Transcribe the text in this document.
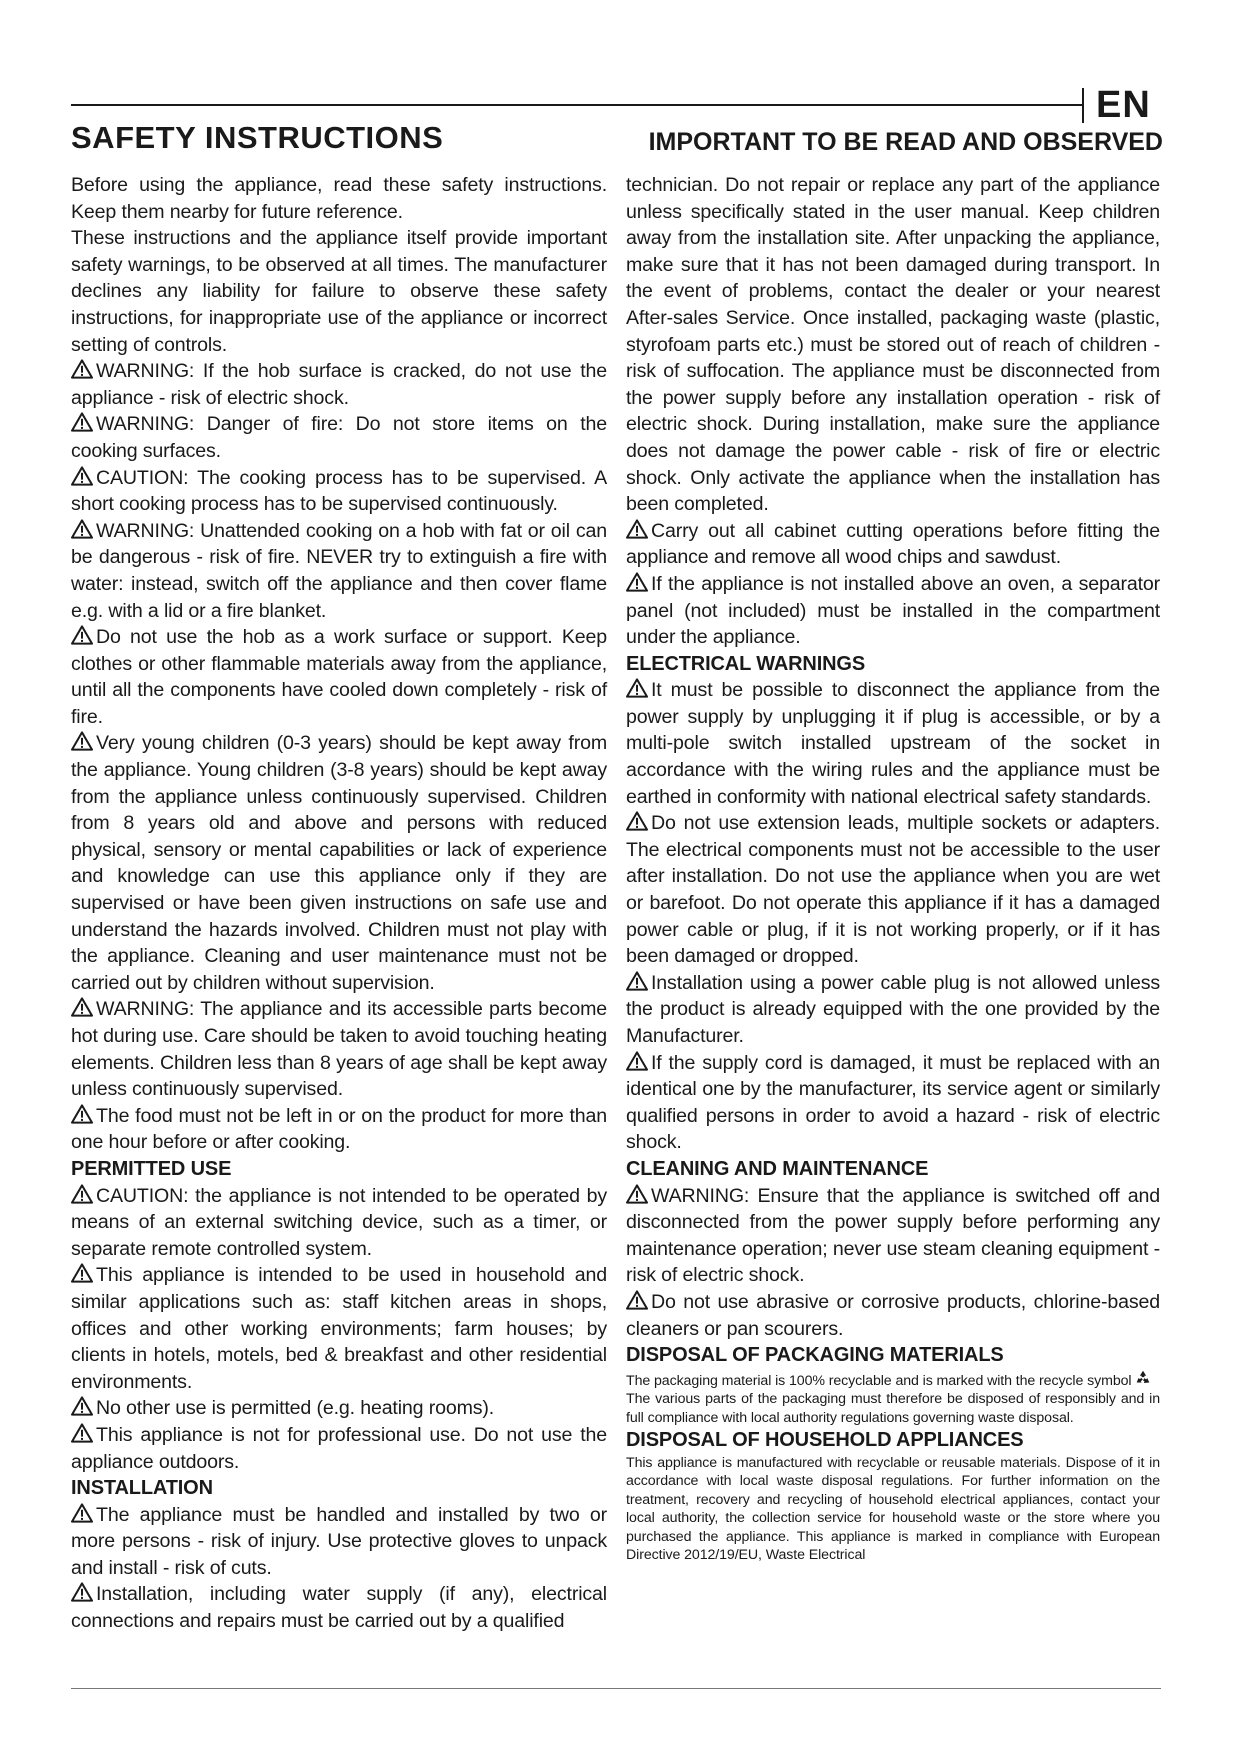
EN
SAFETY INSTRUCTIONS	IMPORTANT TO BE READ AND OBSERVED

Before using the appliance, read these safety instructions. Keep them nearby for future reference.

These instructions and the appliance itself provide important safety warnings, to be observed at all times. The manufacturer declines any liability for failure to observe these safety instructions, for inappropriate use of the appliance or incorrect setting of controls.

WARNING: If the hob surface is cracked, do not use the appliance - risk of electric shock.

WARNING: Danger of fire: Do not store items on the cooking surfaces.

CAUTION: The cooking process has to be supervised. A short cooking process has to be supervised continuously.

WARNING: Unattended cooking on a hob with fat or oil can be dangerous - risk of fire. NEVER try to extinguish a fire with water: instead, switch off the appliance and then cover flame e.g. with a lid or a fire blanket.

Do not use the hob as a work surface or support. Keep clothes or other flammable materials away from the appliance, until all the components have cooled down completely - risk of fire.

Very young children (0-3 years) should be kept away from the appliance. Young children (3-8 years) should be kept away from the appliance unless continuously supervised. Children from 8 years old and above and persons with reduced physical, sensory or mental capabilities or lack of experience and knowledge can use this appliance only if they are supervised or have been given instructions on safe use and understand the hazards involved. Children must not play with the appliance. Cleaning and user maintenance must not be carried out by children without supervision.

WARNING: The appliance and its accessible parts become hot during use. Care should be taken to avoid touching heating elements. Children less than 8 years of age shall be kept away unless continuously supervised.

The food must not be left in or on the product for more than one hour before or after cooking.

PERMITTED USE

CAUTION: the appliance is not intended to be operated by means of an external switching device, such as a timer, or separate remote controlled system.

This appliance is intended to be used in household and similar applications such as: staff kitchen areas in shops, offices and other working environments; farm houses; by clients in hotels, motels, bed & breakfast and other residential environments.

No other use is permitted (e.g. heating rooms).

This appliance is not for professional use. Do not use the appliance outdoors.

INSTALLATION

The appliance must be handled and installed by two or more persons - risk of injury. Use protective gloves to unpack and install - risk of cuts.

Installation, including water supply (if any), electrical connections and repairs must be carried out by a qualified

technician. Do not repair or replace any part of the appliance unless specifically stated in the user manual. Keep children away from the installation site. After unpacking the appliance, make sure that it has not been damaged during transport. In the event of problems, contact the dealer or your nearest After-sales Service. Once installed, packaging waste (plastic, styrofoam parts etc.) must be stored out of reach of children - risk of suffocation. The appliance must be disconnected from the power supply before any installation operation - risk of electric shock. During installation, make sure the appliance does not damage the power cable - risk of fire or electric shock. Only activate the appliance when the installation has been completed.

Carry out all cabinet cutting operations before fitting the appliance and remove all wood chips and sawdust.

If the appliance is not installed above an oven, a separator panel (not included) must be installed in the compartment under the appliance.

ELECTRICAL WARNINGS

It must be possible to disconnect the appliance from the power supply by unplugging it if plug is accessible, or by a multi-pole switch installed upstream of the socket in accordance with the wiring rules and the appliance must be earthed in conformity with national electrical safety standards.

Do not use extension leads, multiple sockets or adapters. The electrical components must not be accessible to the user after installation. Do not use the appliance when you are wet or barefoot. Do not operate this appliance if it has a damaged power cable or plug, if it is not working properly, or if it has been damaged or dropped.

Installation using a power cable plug is not allowed unless the product is already equipped with the one provided by the Manufacturer.

If the supply cord is damaged, it must be replaced with an identical one by the manufacturer, its service agent or similarly qualified persons in order to avoid a hazard - risk of electric shock.

CLEANING AND MAINTENANCE

WARNING: Ensure that the appliance is switched off and disconnected from the power supply before performing any maintenance operation; never use steam cleaning equipment - risk of electric shock.

Do not use abrasive or corrosive products, chlorine-based cleaners or pan scourers.

DISPOSAL OF PACKAGING MATERIALS

The packaging material is 100% recyclable and is marked with the recycle symbol

The various parts of the packaging must therefore be disposed of responsibly and in full compliance with local authority regulations governing waste disposal.

DISPOSAL OF HOUSEHOLD APPLIANCES

This appliance is manufactured with recyclable or reusable materials. Dispose of it in accordance with local waste disposal regulations. For further information on the treatment, recovery and recycling of household electrical appliances, contact your local authority, the collection service for household waste or the store where you purchased the appliance. This appliance is marked in compliance with European Directive 2012/19/EU, Waste Electrical
